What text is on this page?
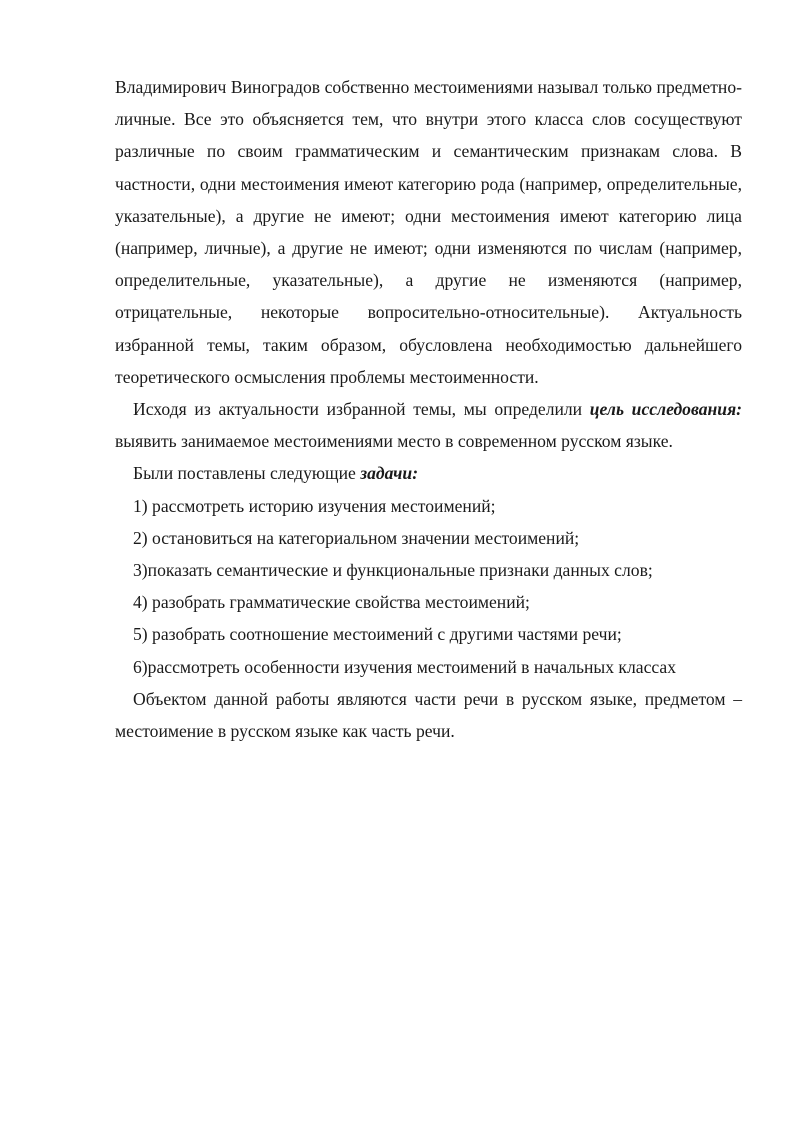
Владимирович Виноградов собственно местоимениями называл только предметно-личные. Все это объясняется тем, что внутри этого класса слов сосуществуют различные по своим грамматическим и семантическим признакам слова. В частности, одни местоимения имеют категорию рода (например, определительные, указательные), а другие не имеют; одни местоимения имеют категорию лица (например, личные), а другие не имеют; одни изменяются по числам (например, определительные, указательные), а другие не изменяются (например, отрицательные, некоторые вопросительно-относительные). Актуальность избранной темы, таким образом, обусловлена необходимостью дальнейшего теоретического осмысления проблемы местоименности.

Исходя из актуальности избранной темы, мы определили цель исследования: выявить занимаемое местоимениями место в современном русском языке.

Были поставлены следующие задачи:

1) рассмотреть историю изучения местоимений;

2) остановиться на категориальном значении местоимений;

3)показать семантические и функциональные признаки данных слов;

4) разобрать грамматические свойства местоимений;

5) разобрать соотношение местоимений с другими частями речи;

6)рассмотреть особенности изучения местоимений в начальных классах

Объектом данной работы являются части речи в русском языке, предметом – местоимение в русском языке как часть речи.
